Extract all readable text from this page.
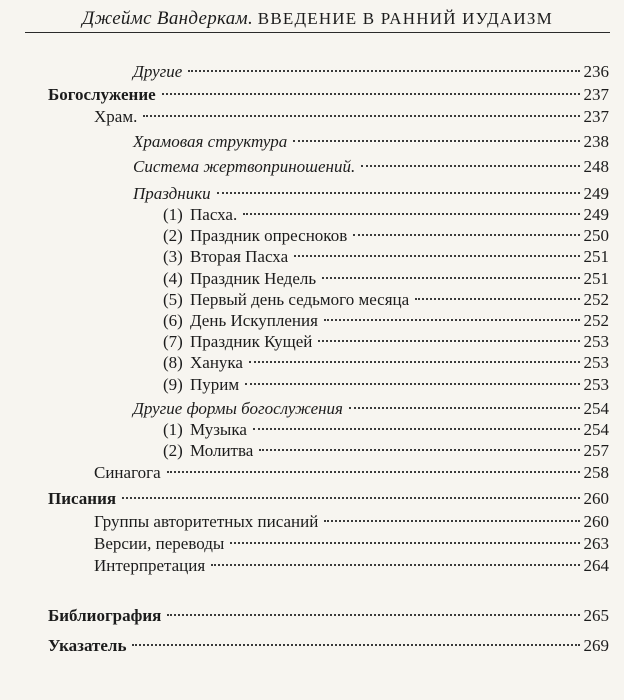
Джеймс Вандеркам. ВВЕДЕНИЕ В РАННИЙ ИУДАИЗМ
Другие	236
Богослужение	237
Храм.	237
Храмовая структура	238
Система жертвоприношений.	248
Праздники	249
(1) Пасха.	249
(2) Праздник опресноков	250
(3) Вторая Пасха	251
(4) Праздник Недель	251
(5) Первый день седьмого месяца	252
(6) День Искупления	252
(7) Праздник Кущей	253
(8) Ханука	253
(9) Пурим	253
Другие формы богослужения	254
(1) Музыка	254
(2) Молитва	257
Синагога	258
Писания	260
Группы авторитетных писаний	260
Версии, переводы	263
Интерпретация	264
Библиография	265
Указатель	269
